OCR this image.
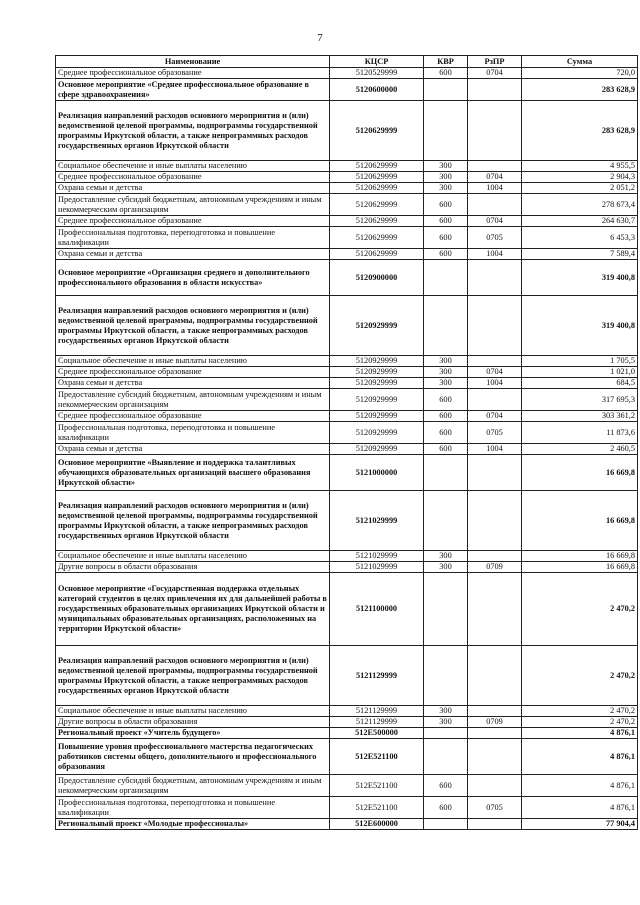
7
Наименование	КЦСР	КВР	РзПР	Сумма
Среднее профессиональное образование	5120529999	600	0704	720,0
Основное мероприятие «Среднее профессиональное образование в сфере здравоохранения»	5120600000			283 628,9
Реализация направлений расходов основного мероприятия и (или) ведомственной целевой программы, подпрограммы государственной программы Иркутской области, а также непрограммных расходов государственных органов Иркутской области	5120629999			283 628,9
Социальное обеспечение и иные выплаты населению	5120629999	300		4 955,5
Среднее профессиональное образование	5120629999	300	0704	2 904,3
Охрана семьи и детства	5120629999	300	1004	2 051,2
Предоставление субсидий бюджетным, автономным учреждениям и иным некоммерческим организациям	5120629999	600		278 673,4
Среднее профессиональное образование	5120629999	600	0704	264 630,7
Профессиональная подготовка, переподготовка и повышение квалификации	5120629999	600	0705	6 453,3
Охрана семьи и детства	5120629999	600	1004	7 589,4
Основное мероприятие «Организация среднего и дополнительного профессионального образования в области искусства»	5120900000			319 400,8
Реализация направлений расходов основного мероприятия и (или) ведомственной целевой программы, подпрограммы государственной программы Иркутской области, а также непрограммных расходов государственных органов Иркутской области	5120929999			319 400,8
Социальное обеспечение и иные выплаты населению	5120929999	300		1 705,5
Среднее профессиональное образование	5120929999	300	0704	1 021,0
Охрана семьи и детства	5120929999	300	1004	684,5
Предоставление субсидий бюджетным, автономным учреждениям и иным некоммерческим организациям	5120929999	600		317 695,3
Среднее профессиональное образование	5120929999	600	0704	303 361,2
Профессиональная подготовка, переподготовка и повышение квалификации	5120929999	600	0705	11 873,6
Охрана семьи и детства	5120929999	600	1004	2 460,5
Основное мероприятие «Выявление и поддержка талантливых обучающихся образовательных организаций высшего образования Иркутской области»	5121000000			16 669,8
Реализация направлений расходов основного мероприятия и (или) ведомственной целевой программы, подпрограммы государственной программы Иркутской области, а также непрограммных расходов государственных органов Иркутской области	5121029999			16 669,8
Социальное обеспечение и иные выплаты населению	5121029999	300		16 669,8
Другие вопросы в области образования	5121029999	300	0709	16 669,8
Основное мероприятие «Государственная поддержка отдельных категорий студентов в целях привлечения их для дальнейшей работы в государственных образовательных организациях Иркутской области и муниципальных образовательных организациях, расположенных на территории Иркутской области»	5121100000			2 470,2
Реализация направлений расходов основного мероприятия и (или) ведомственной целевой программы, подпрограммы государственной программы Иркутской области, а также непрограммных расходов государственных органов Иркутской области	5121129999			2 470,2
Социальное обеспечение и иные выплаты населению	5121129999	300		2 470,2
Другие вопросы в области образования	5121129999	300	0709	2 470,2
Региональный проект «Учитель будущего»	512E500000			4 876,1
Повышение уровня профессионального мастерства педагогических работников системы общего, дополнительного и профессионального образования	512E521100			4 876,1
Предоставление субсидий бюджетным, автономным учреждениям и иным некоммерческим организациям	512E521100	600		4 876,1
Профессиональная подготовка, переподготовка и повышение квалификации	512E521100	600	0705	4 876,1
Региональный проект «Молодые профессионалы»	512E600000			77 904,4
